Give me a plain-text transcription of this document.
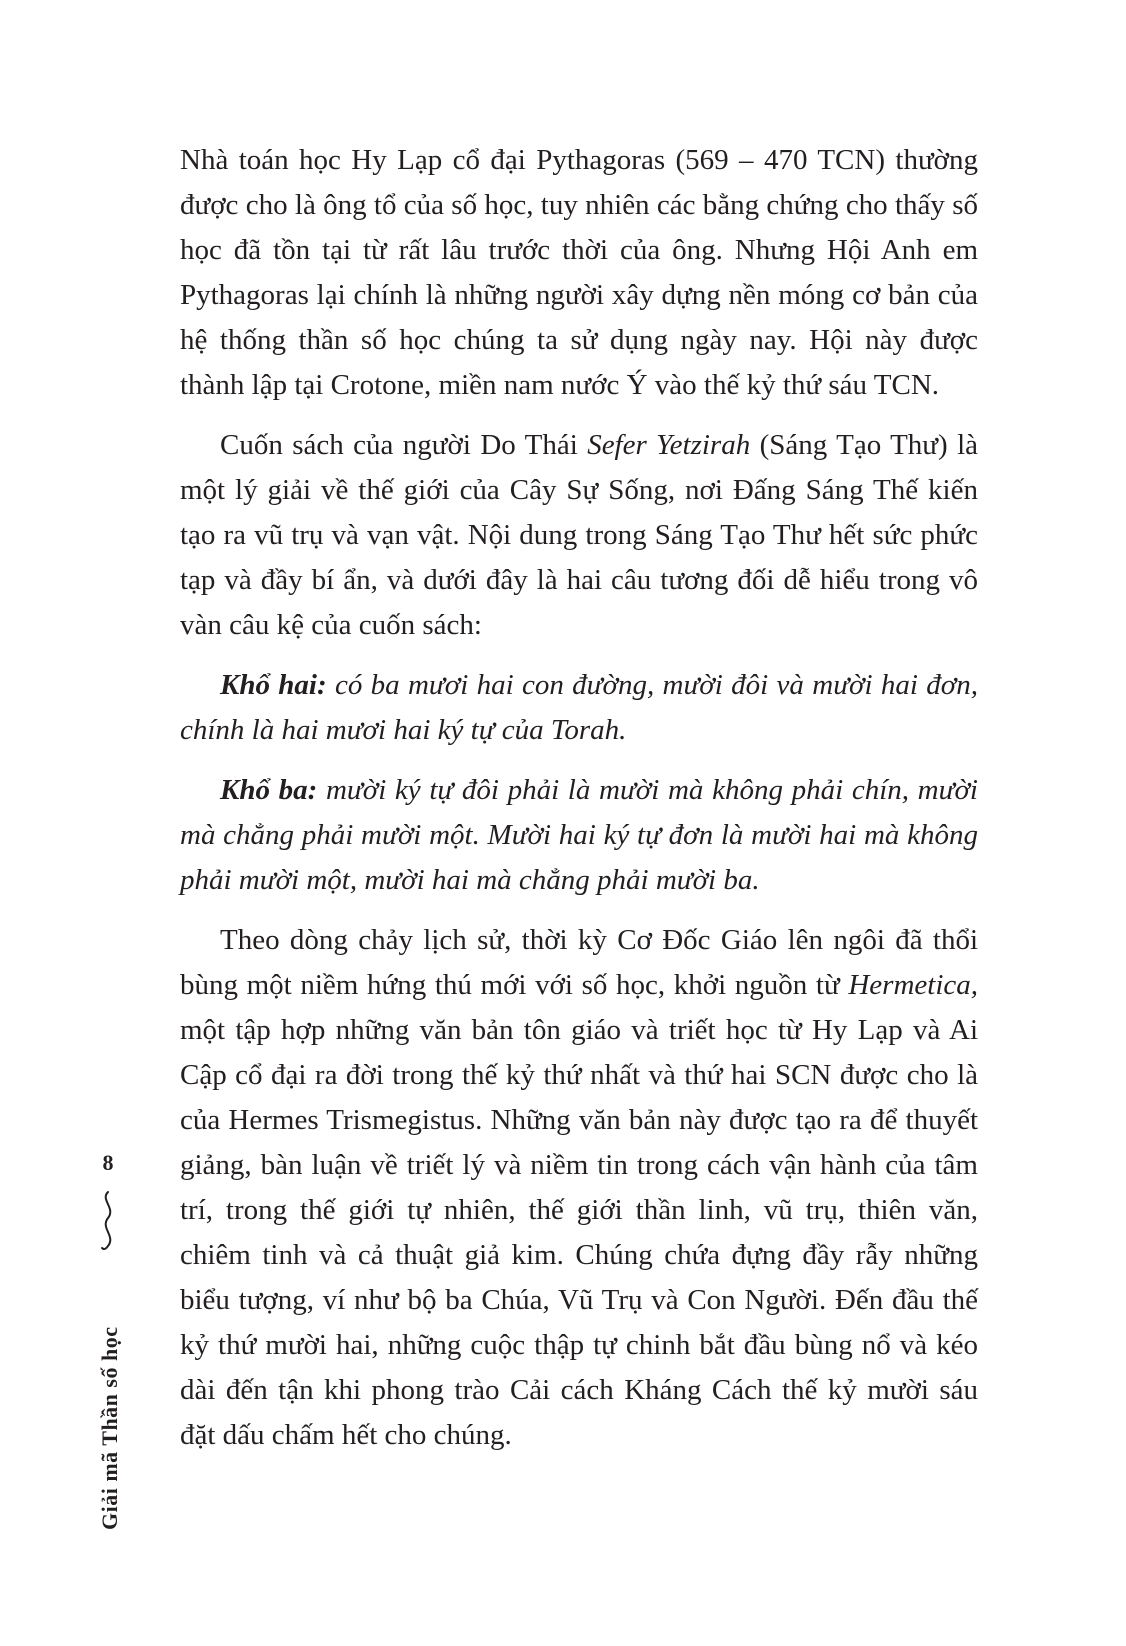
Nhà toán học Hy Lạp cổ đại Pythagoras (569 – 470 TCN) thường được cho là ông tổ của số học, tuy nhiên các bằng chứng cho thấy số học đã tồn tại từ rất lâu trước thời của ông. Nhưng Hội Anh em Pythagoras lại chính là những người xây dựng nền móng cơ bản của hệ thống thần số học chúng ta sử dụng ngày nay. Hội này được thành lập tại Crotone, miền nam nước Ý vào thế kỷ thứ sáu TCN.

Cuốn sách của người Do Thái Sefer Yetzirah (Sáng Tạo Thư) là một lý giải về thế giới của Cây Sự Sống, nơi Đấng Sáng Thế kiến tạo ra vũ trụ và vạn vật. Nội dung trong Sáng Tạo Thư hết sức phức tạp và đầy bí ẩn, và dưới đây là hai câu tương đối dễ hiểu trong vô vàn câu kệ của cuốn sách:

Khổ hai: có ba mươi hai con đường, mười đôi và mười hai đơn, chính là hai mươi hai ký tự của Torah.

Khổ ba: mười ký tự đôi phải là mười mà không phải chín, mười mà chẳng phải mười một. Mười hai ký tự đơn là mười hai mà không phải mười một, mười hai mà chẳng phải mười ba.

Theo dòng chảy lịch sử, thời kỳ Cơ Đốc Giáo lên ngôi đã thổi bùng một niềm hứng thú mới với số học, khởi nguồn từ Hermetica, một tập hợp những văn bản tôn giáo và triết học từ Hy Lạp và Ai Cập cổ đại ra đời trong thế kỷ thứ nhất và thứ hai SCN được cho là của Hermes Trismegistus. Những văn bản này được tạo ra để thuyết giảng, bàn luận về triết lý và niềm tin trong cách vận hành của tâm trí, trong thế giới tự nhiên, thế giới thần linh, vũ trụ, thiên văn, chiêm tinh và cả thuật giả kim. Chúng chứa đựng đầy rẫy những biểu tượng, ví như bộ ba Chúa, Vũ Trụ và Con Người. Đến đầu thế kỷ thứ mười hai, những cuộc thập tự chinh bắt đầu bùng nổ và kéo dài đến tận khi phong trào Cải cách Kháng Cách thế kỷ mười sáu đặt dấu chấm hết cho chúng.

8
Giải mã Thần số học
